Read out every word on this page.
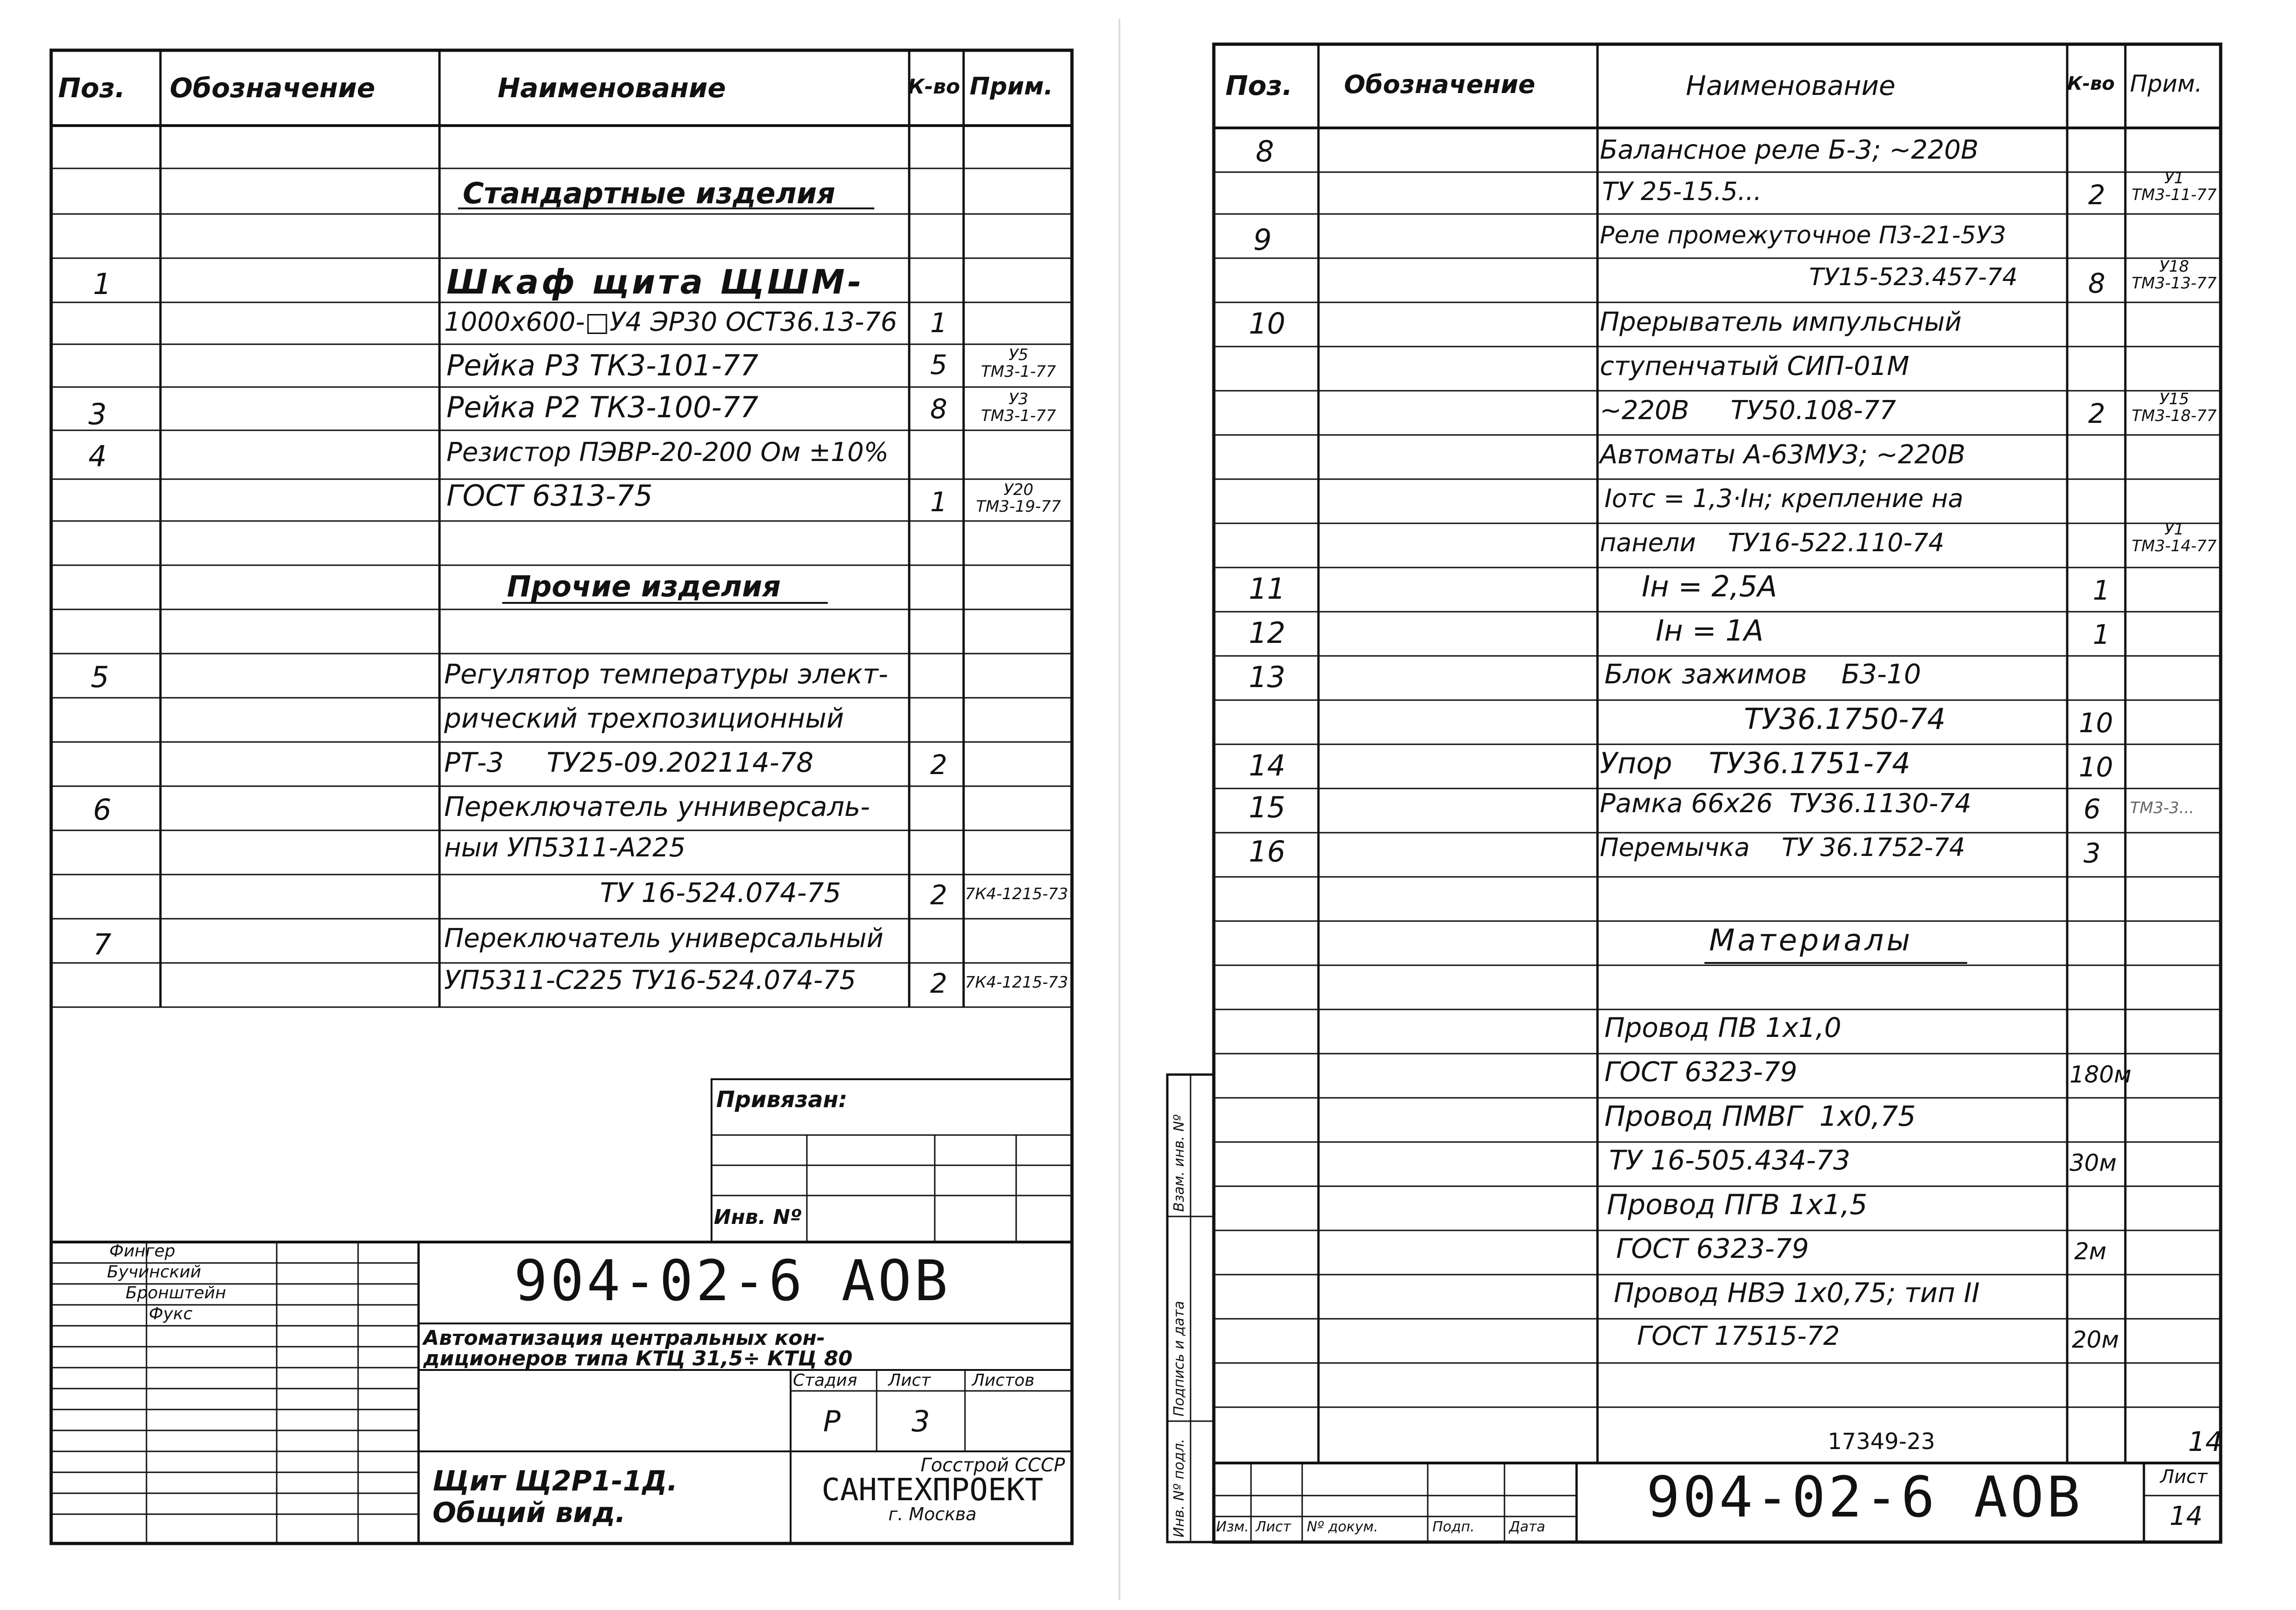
Поз. Обозначение	Наименование	К-во Прим.
Стандартные изделия
Прочие изделия
1	Шкаф щита ЩШМ-
1000х600-□У4 ЭР30 ОСТ36.13-76 1
Рейка Р3 ТК3-101-77	5	У5
ТМ3-1-77
3	Рейка Р2 ТК3-100-77	8	У3
ТМ3-1-77
4	Резистор ПЭВР-20-200 Ом ±10%
ГОСТ 6313-75	1	У20
ТМ3-19-77
5	Регулятор температуры элект-
рический трехпозиционный
РТ-3     ТУ25-09.202114-78	2
6	Переключатель унниверсаль-
ныи УП5311-А225
ТУ 16-524.074-75	2 7К4-1215-73
7	Переключатель универсальный
УП5311-С225 ТУ16-524.074-75	2 7К4-1215-73
Привязан:
Инв. Nº
Фингер
Бучинский
Бронштейн
Фукс
904-02-6 АОВ
Автоматизация центральных кон-
диционеров типа КТЦ 31,5÷ КТЦ 80
Стадия Лист Листов
Р 3
Щит Щ2Р1-1Д.
Общий вид.
Госстрой СССР
САНТЕХПРОЕКТ
г. Москва
Поз. Обозначение	Наименование	К-во Прим.
8	Балансное реле Б-3; ~220В
ТУ 25-15.5...	2
У1
ТМ3-11-77
9	Реле промежуточное П3-21-5У3
ТУ15-523.457-74	8
У18
ТМ3-13-77
10	Прерыватель импульсный
ступенчатый СИП-01М
~220В     ТУ50.108-77	2	У15
ТМ3-18-77
Автоматы А-63МУ3; ~220В
Ιотс = 1,3·Ιн; крепление на
панели    ТУ16-522.110-74	У1
ТМ3-14-77
11	Ιн = 2,5А	1
12	Ιн = 1А	1
13	Блок зажимов    Б3-10
ТУ36.1750-74	10
14	Упор    ТУ36.1751-74	10
15	Рамка 66х26  ТУ36.1130-74	6 ТМ3-3...
16	Перемычка    ТУ 36.1752-74	3
Материалы
Провод ПВ 1х1,0
ГОСТ 6323-79	180м
Провод ПМВГ  1х0,75
ТУ 16-505.434-73	30м
Провод ПГВ 1х1,5
ГОСТ 6323-79	2м
Провод НВЭ 1х0,75; тип II
ГОСТ 17515-72	20м
17349-23	14
904-02-6 АОВ	Лист
14
Изм. Лист Nº докум.	Подп. Дата
Инв. Nº подл.
Подпись и дата
Взам. инв. Nº
